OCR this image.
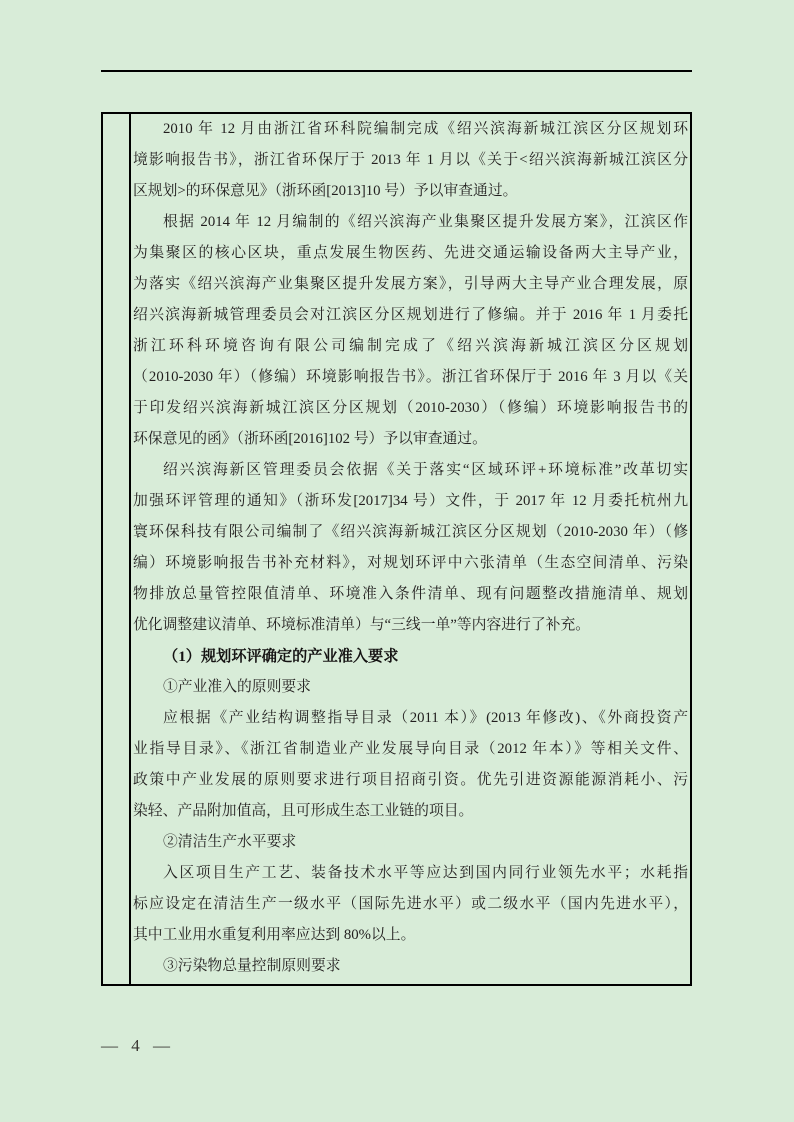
2010 年 12 月由浙江省环科院编制完成《绍兴滨海新城江滨区分区规划环
境影响报告书》，浙江省环保厅于 2013 年 1 月以《关于<绍兴滨海新城江滨区分
区规划>的环保意见》（浙环函[2013]10 号）予以审查通过。
根据 2014 年 12 月编制的《绍兴滨海产业集聚区提升发展方案》，江滨区作
为集聚区的核心区块，重点发展生物医药、先进交通运输设备两大主导产业，
为落实《绍兴滨海产业集聚区提升发展方案》，引导两大主导产业合理发展，原
绍兴滨海新城管理委员会对江滨区分区规划进行了修编。并于 2016 年 1 月委托
浙江环科环境咨询有限公司编制完成了《绍兴滨海新城江滨区分区规划
（2010-2030 年）（修编）环境影响报告书》。浙江省环保厅于 2016 年 3 月以《关
于印发绍兴滨海新城江滨区分区规划（2010-2030）（修编）环境影响报告书的
环保意见的函》（浙环函[2016]102 号）予以审查通过。
绍兴滨海新区管理委员会依据《关于落实“区域环评+环境标准”改革切实
加强环评管理的通知》（浙环发[2017]34 号）文件，于 2017 年 12 月委托杭州九
寰环保科技有限公司编制了《绍兴滨海新城江滨区分区规划（2010-2030 年）（修
编）环境影响报告书补充材料》，对规划环评中六张清单（生态空间清单、污染
物排放总量管控限值清单、环境准入条件清单、现有问题整改措施清单、规划
优化调整建议清单、环境标准清单）与“三线一单”等内容进行了补充。
（1）规划环评确定的产业准入要求
①产业准入的原则要求
应根据《产业结构调整指导目录（2011 本）》(2013 年修改)、《外商投资产
业指导目录》、《浙江省制造业产业发展导向目录（2012 年本）》等相关文件、
政策中产业发展的原则要求进行项目招商引资。优先引进资源能源消耗小、污
染轻、产品附加值高，且可形成生态工业链的项目。
②清洁生产水平要求
入区项目生产工艺、装备技术水平等应达到国内同行业领先水平；水耗指
标应设定在清洁生产一级水平（国际先进水平）或二级水平（国内先进水平），
其中工业用水重复利用率应达到 80%以上。
③污染物总量控制原则要求
— 4 —
